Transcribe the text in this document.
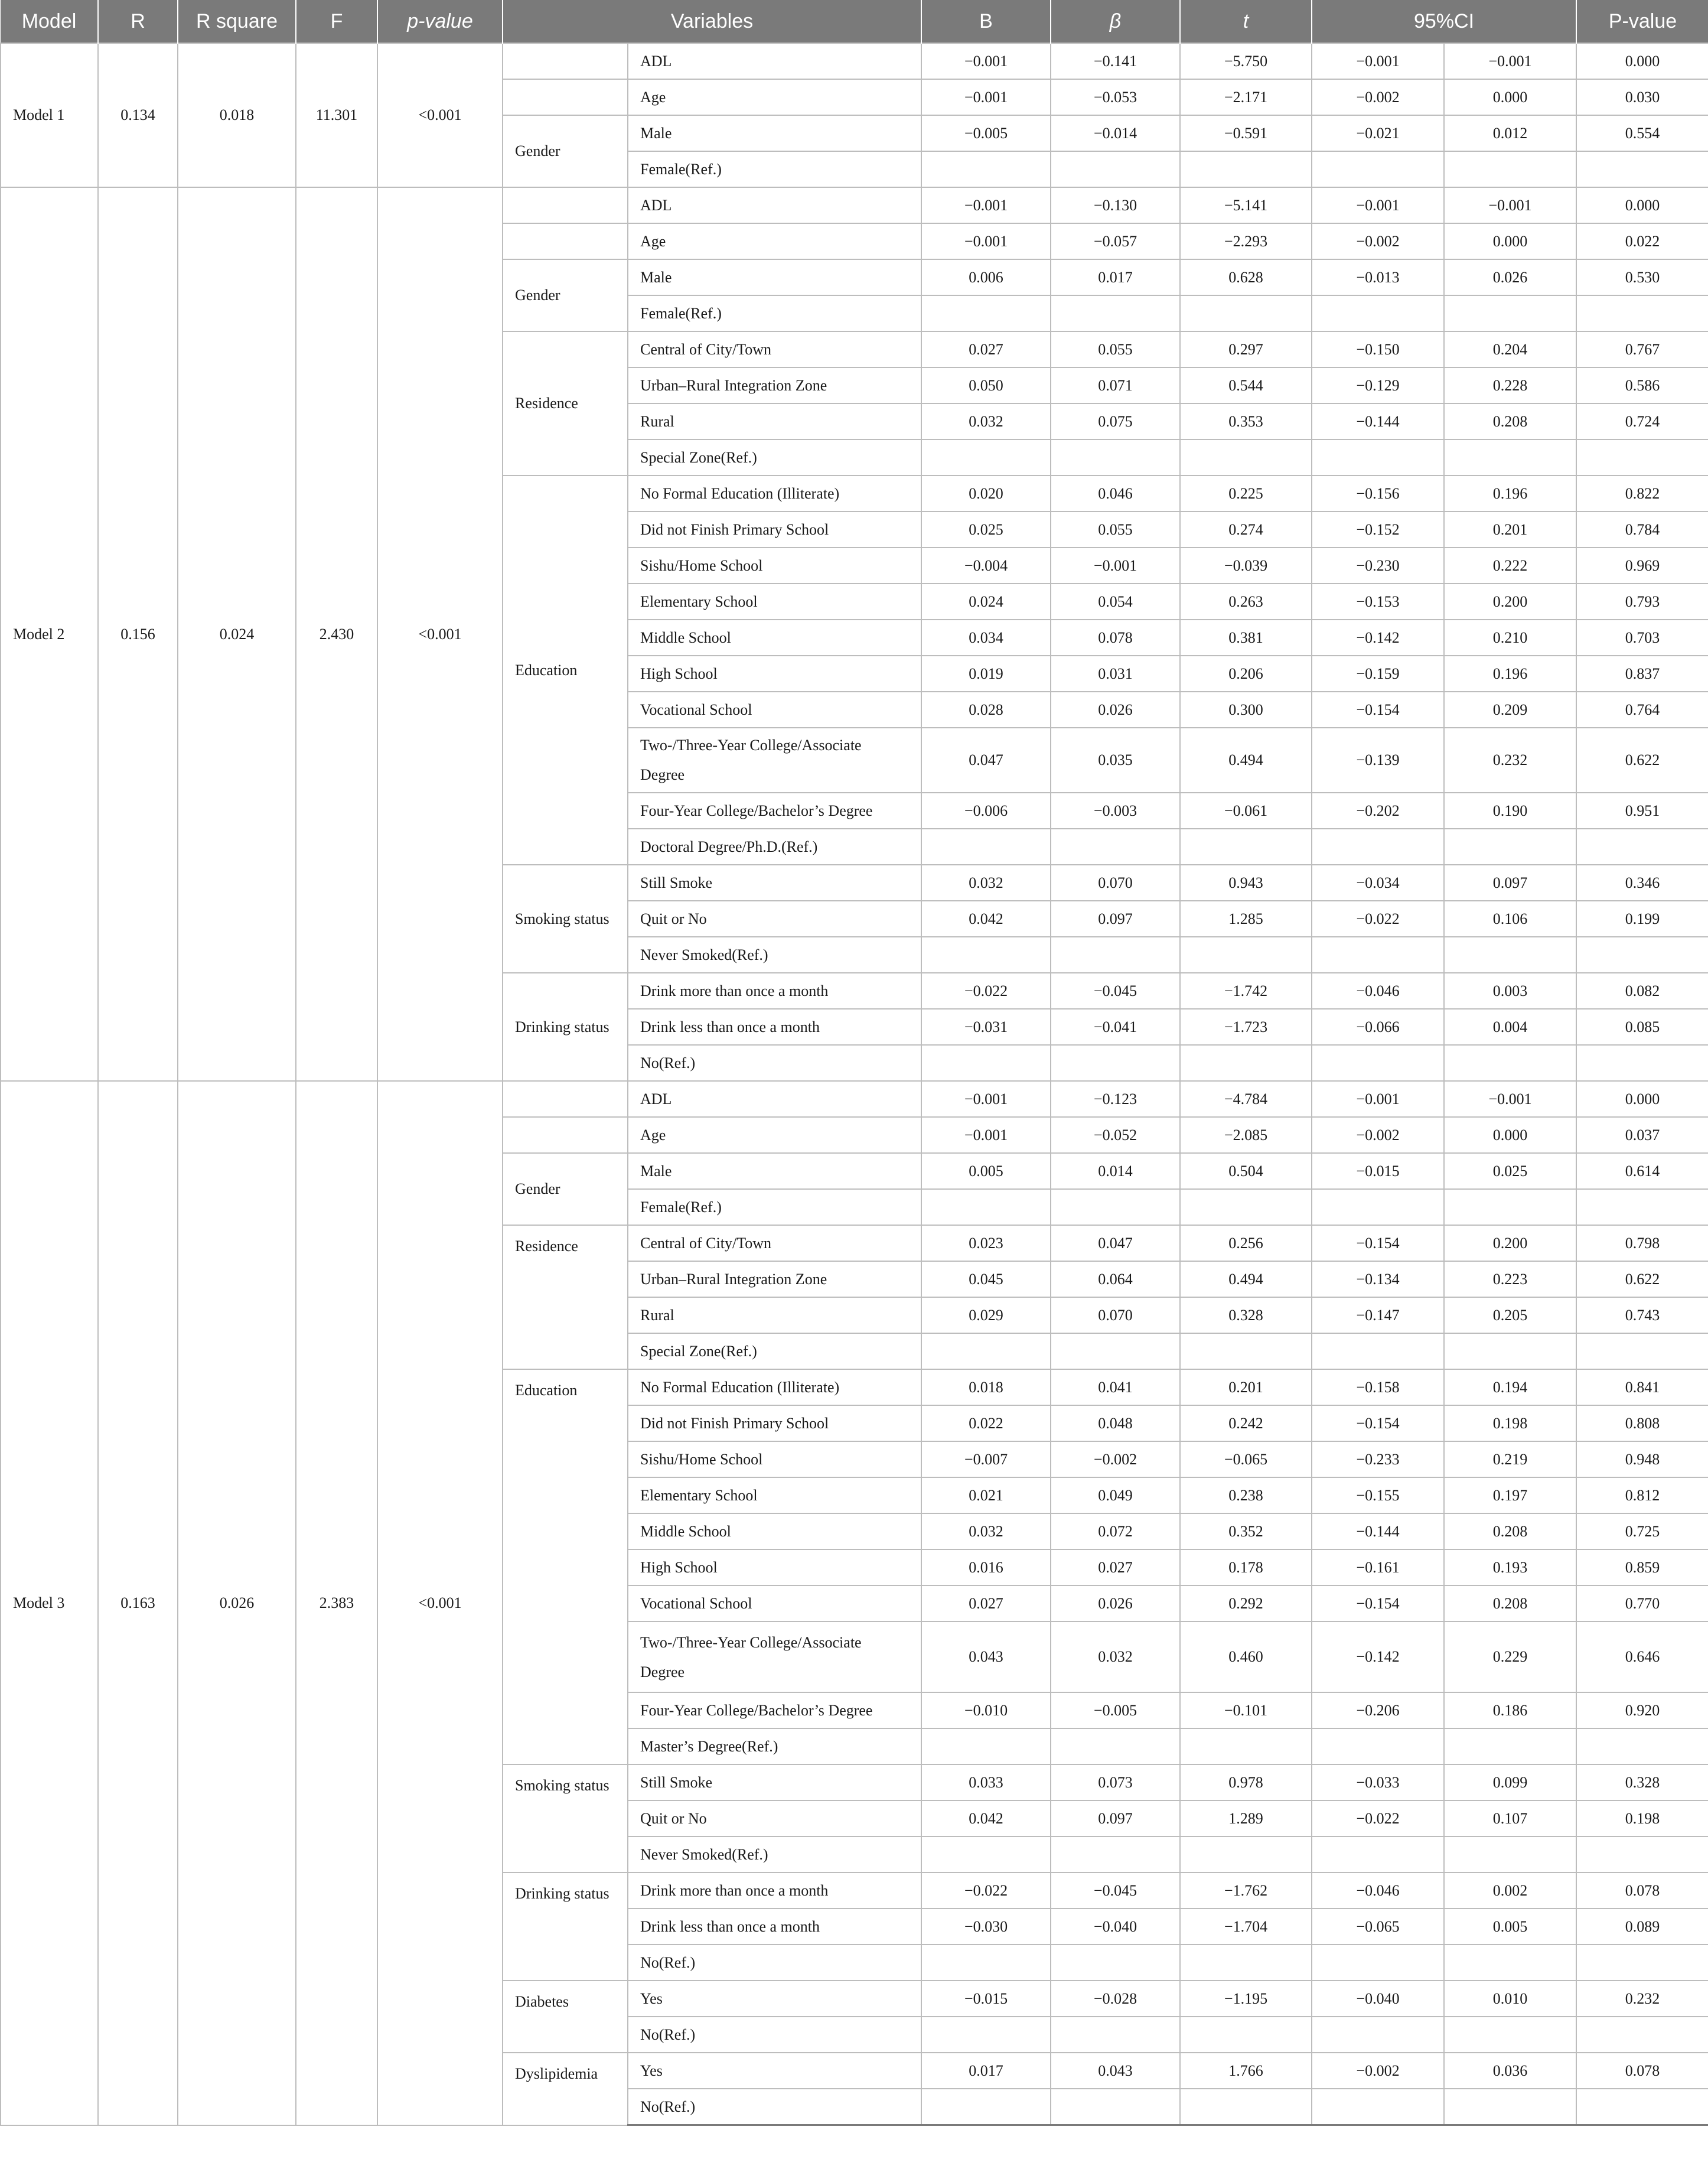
Model	R	R square	F	p-value	Variables		B	β	t	95%CI		P-value
Model 1	0.134	0.018	11.301	<0.001		ADL	−0.001	−0.141	−5.750	−0.001	−0.001	0.000
						Age	−0.001	−0.053	−2.171	−0.002	0.000	0.030
					Gender	Male	−0.005	−0.014	−0.591	−0.021	0.012	0.554
						Female(Ref.)						
Model 2	0.156	0.024	2.430	<0.001		ADL	−0.001	−0.130	−5.141	−0.001	−0.001	0.000
						Age	−0.001	−0.057	−2.293	−0.002	0.000	0.022
					Gender	Male	0.006	0.017	0.628	−0.013	0.026	0.530
						Female(Ref.)						
					Residence	Central of City/Town	0.027	0.055	0.297	−0.150	0.204	0.767
						Urban–Rural Integration Zone	0.050	0.071	0.544	−0.129	0.228	0.586
						Rural	0.032	0.075	0.353	−0.144	0.208	0.724
						Special Zone(Ref.)						
					Education	No Formal Education (Illiterate)	0.020	0.046	0.225	−0.156	0.196	0.822
						Did not Finish Primary School	0.025	0.055	0.274	−0.152	0.201	0.784
						Sishu/Home School	−0.004	−0.001	−0.039	−0.230	0.222	0.969
						Elementary School	0.024	0.054	0.263	−0.153	0.200	0.793
						Middle School	0.034	0.078	0.381	−0.142	0.210	0.703
						High School	0.019	0.031	0.206	−0.159	0.196	0.837
						Vocational School	0.028	0.026	0.300	−0.154	0.209	0.764
						Two-/Three-Year College/Associate Degree	0.047	0.035	0.494	−0.139	0.232	0.622
						Four-Year College/Bachelor’s Degree	−0.006	−0.003	−0.061	−0.202	0.190	0.951
						Doctoral Degree/Ph.D.(Ref.)						
					Smoking status	Still Smoke	0.032	0.070	0.943	−0.034	0.097	0.346
						Quit or No	0.042	0.097	1.285	−0.022	0.106	0.199
						Never Smoked(Ref.)						
					Drinking status	Drink more than once a month	−0.022	−0.045	−1.742	−0.046	0.003	0.082
						Drink less than once a month	−0.031	−0.041	−1.723	−0.066	0.004	0.085
						No(Ref.)						
Model 3	0.163	0.026	2.383	<0.001		ADL	−0.001	−0.123	−4.784	−0.001	−0.001	0.000
						Age	−0.001	−0.052	−2.085	−0.002	0.000	0.037
					Gender	Male	0.005	0.014	0.504	−0.015	0.025	0.614
						Female(Ref.)						
					Residence	Central of City/Town	0.023	0.047	0.256	−0.154	0.200	0.798
						Urban–Rural Integration Zone	0.045	0.064	0.494	−0.134	0.223	0.622
						Rural	0.029	0.070	0.328	−0.147	0.205	0.743
						Special Zone(Ref.)						
					Education	No Formal Education (Illiterate)	0.018	0.041	0.201	−0.158	0.194	0.841
						Did not Finish Primary School	0.022	0.048	0.242	−0.154	0.198	0.808
						Sishu/Home School	−0.007	−0.002	−0.065	−0.233	0.219	0.948
						Elementary School	0.021	0.049	0.238	−0.155	0.197	0.812
						Middle School	0.032	0.072	0.352	−0.144	0.208	0.725
						High School	0.016	0.027	0.178	−0.161	0.193	0.859
						Vocational School	0.027	0.026	0.292	−0.154	0.208	0.770
						Two-/Three-Year College/Associate Degree	0.043	0.032	0.460	−0.142	0.229	0.646
						Four-Year College/Bachelor’s Degree	−0.010	−0.005	−0.101	−0.206	0.186	0.920
						Master’s Degree(Ref.)						
					Smoking status	Still Smoke	0.033	0.073	0.978	−0.033	0.099	0.328
						Quit or No	0.042	0.097	1.289	−0.022	0.107	0.198
						Never Smoked(Ref.)						
					Drinking status	Drink more than once a month	−0.022	−0.045	−1.762	−0.046	0.002	0.078
						Drink less than once a month	−0.030	−0.040	−1.704	−0.065	0.005	0.089
						No(Ref.)						
					Diabetes	Yes	−0.015	−0.028	−1.195	−0.040	0.010	0.232
						No(Ref.)						
					Dyslipidemia	Yes	0.017	0.043	1.766	−0.002	0.036	0.078
						No(Ref.)						
